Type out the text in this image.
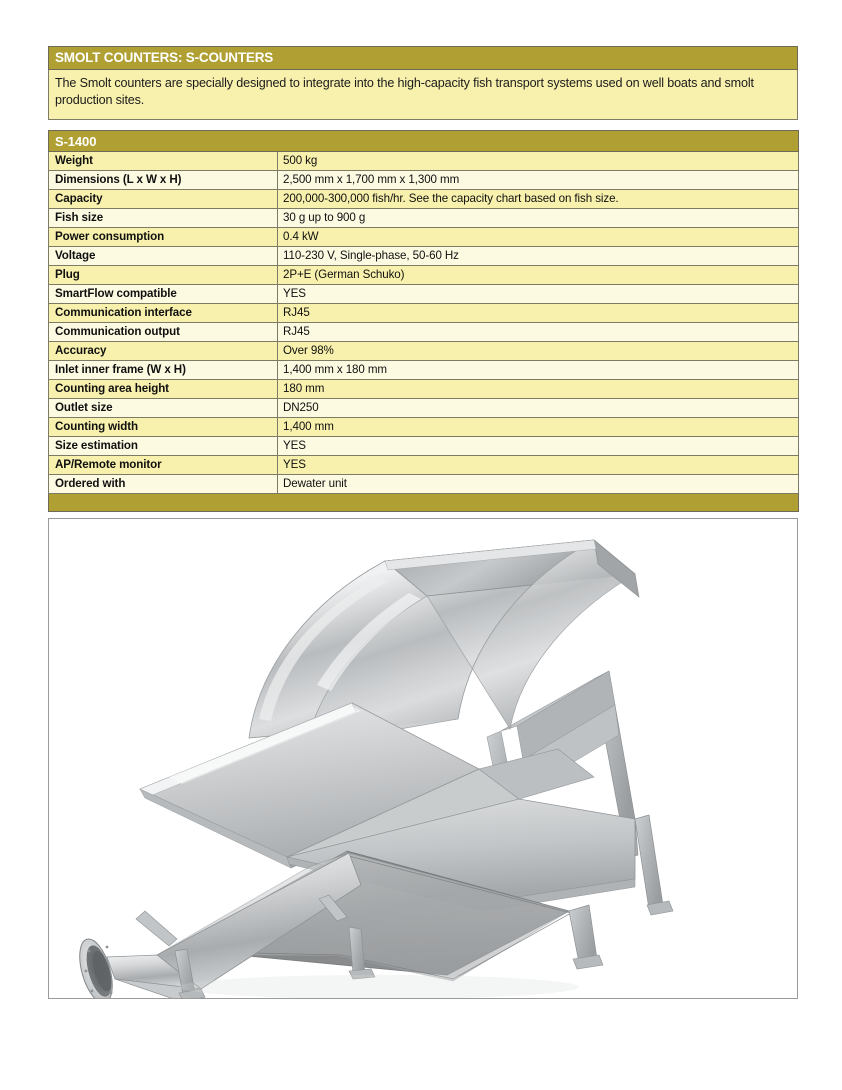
SMOLT COUNTERS: S-COUNTERS
The Smolt counters are specially designed to integrate into the high-capacity fish transport systems used on well boats and smolt production sites.
S-1400	
Weight	500 kg
Dimensions (L x W x H)	2,500 mm x 1,700 mm x 1,300 mm
Capacity	200,000-300,000 fish/hr. See the capacity chart based on fish size.
Fish size	30 g up to 900 g
Power consumption	0.4 kW
Voltage	110-230 V, Single-phase, 50-60 Hz
Plug	2P+E (German Schuko)
SmartFlow compatible	YES
Communication interface	RJ45
Communication output	RJ45
Accuracy	Over 98%
Inlet inner frame (W x H)	1,400 mm x 180 mm
Counting area height	180 mm
Outlet size	DN250
Counting width	1,400 mm
Size estimation	YES
AP/Remote monitor	YES
Ordered with	Dewater unit
